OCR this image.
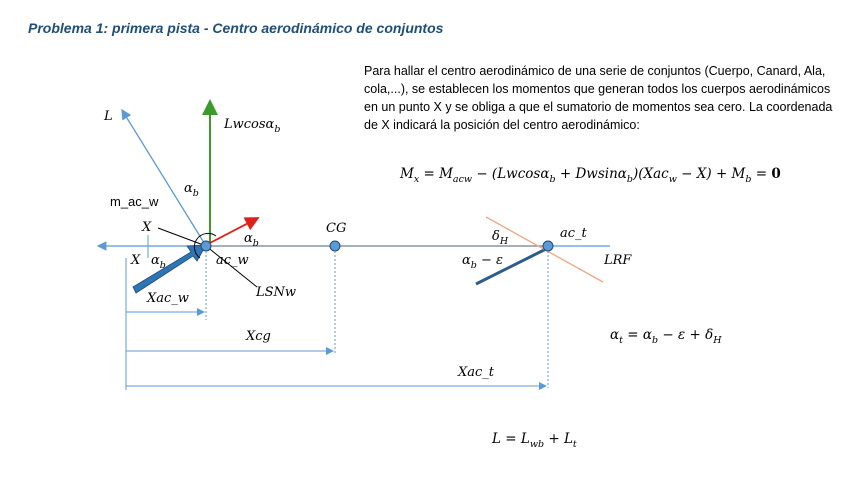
Problema 1: primera pista - Centro aerodinámico de conjuntos
Para hallar el centro aerodinámico de una serie de conjuntos (Cuerpo, Canard, Ala, cola,...), se establecen los momentos que generan todos los cuerpos aerodinámicos en un punto X y se obliga a que el sumatorio de momentos sea cero. La coordenada de X indicará la posición del centro aerodinámico:
L
Lwcosα$_b$
$\alpha_b$
m_ac_w
X
$\alpha_b$
X $\alpha_b$	ac_w
CG
LSNw
Xac_w
Xcg
Xac_t
$\delta_H$
ac_t
$\alpha_b - \varepsilon$	LRF
$M_x = M_{acw} - (Lwcos\alpha_b + Dwsin\alpha_b)(Xac_w - X) + M_b = 0$
$\alpha_t = \alpha_b - \varepsilon + \delta_H$
$L = L_{wb} + L_t$
